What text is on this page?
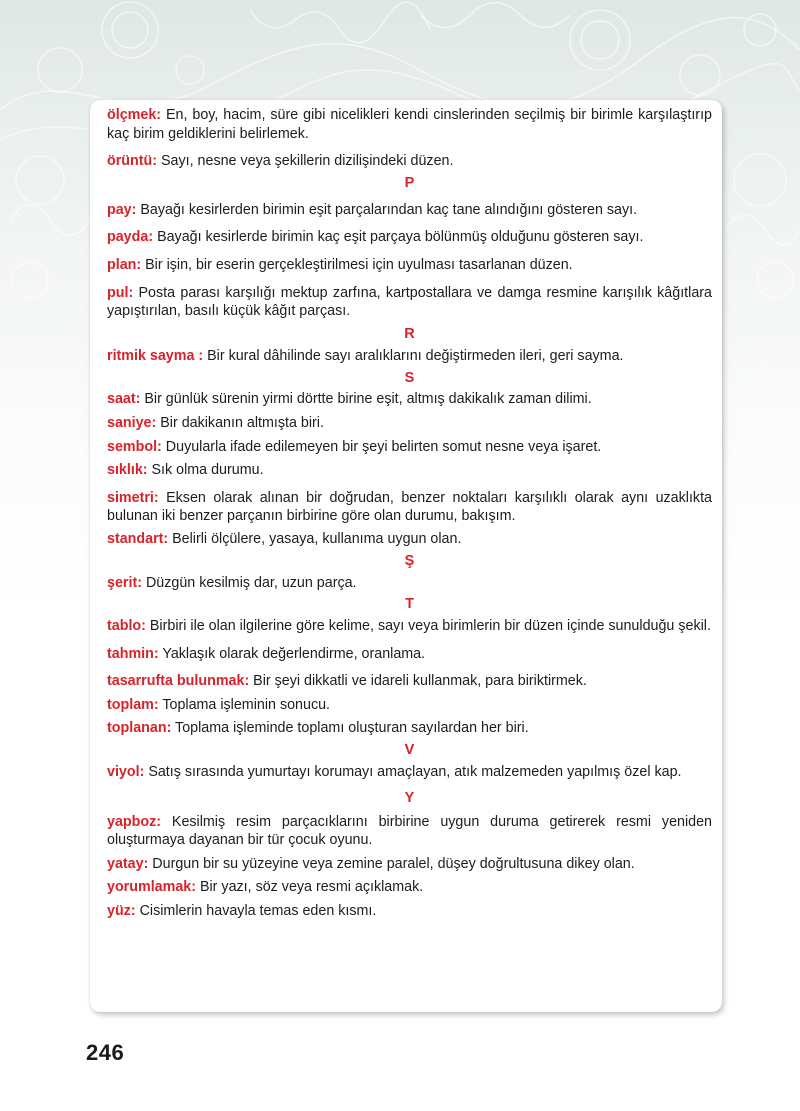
ölçmek: En, boy, hacim, süre gibi nicelikleri kendi cinslerinden seçilmiş bir birimle karşılaştırıp kaç birim geldiklerini belirlemek.

örüntü: Sayı, nesne veya şekillerin dizilişindeki düzen.

P

pay: Bayağı kesirlerden birimin eşit parçalarından kaç tane alındığını gösteren sayı.

payda: Bayağı kesirlerde birimin kaç eşit parçaya bölünmüş olduğunu gösteren sayı.

plan: Bir işin, bir eserin gerçekleştirilmesi için uyulması tasarlanan düzen.

pul: Posta parası karşılığı mektup zarfına, kartpostallara ve damga resmine karışılık kâğıtlara yapıştırılan, basılı küçük kâğıt parçası.

R

ritmik sayma : Bir kural dâhilinde sayı aralıklarını değiştirmeden ileri, geri sayma.

S

saat: Bir günlük sürenin yirmi dörtte birine eşit, altmış dakikalık zaman dilimi.

saniye: Bir dakikanın altmışta biri.

sembol: Duyularla ifade edilemeyen bir şeyi belirten somut nesne veya işaret.

sıklık: Sık olma durumu.

simetri: Eksen olarak alınan bir doğrudan, benzer noktaları karşılıklı olarak aynı uzaklıkta bulunan iki benzer parçanın birbirine göre olan durumu, bakışım.

standart: Belirli ölçülere, yasaya, kullanıma uygun olan.

Ş

şerit: Düzgün kesilmiş dar, uzun parça.

T

tablo: Birbiri ile olan ilgilerine göre kelime, sayı veya birimlerin bir düzen içinde sunulduğu şekil.

tahmin: Yaklaşık olarak değerlendirme, oranlama.

tasarrufta bulunmak: Bir şeyi dikkatli ve idareli kullanmak, para biriktirmek.

toplam: Toplama işleminin sonucu.

toplanan: Toplama işleminde toplamı oluşturan sayılardan her biri.

V

viyol: Satış sırasında yumurtayı korumayı amaçlayan, atık malzemeden yapılmış özel kap.

Y

yapboz: Kesilmiş resim parçacıklarını birbirine uygun duruma getirerek resmi yeniden oluşturmaya dayanan bir tür çocuk oyunu.

yatay: Durgun bir su yüzeyine veya zemine paralel, düşey doğrultusuna dikey olan.

yorumlamak: Bir yazı, söz veya resmi açıklamak.

yüz: Cisimlerin havayla temas eden kısmı.

246
